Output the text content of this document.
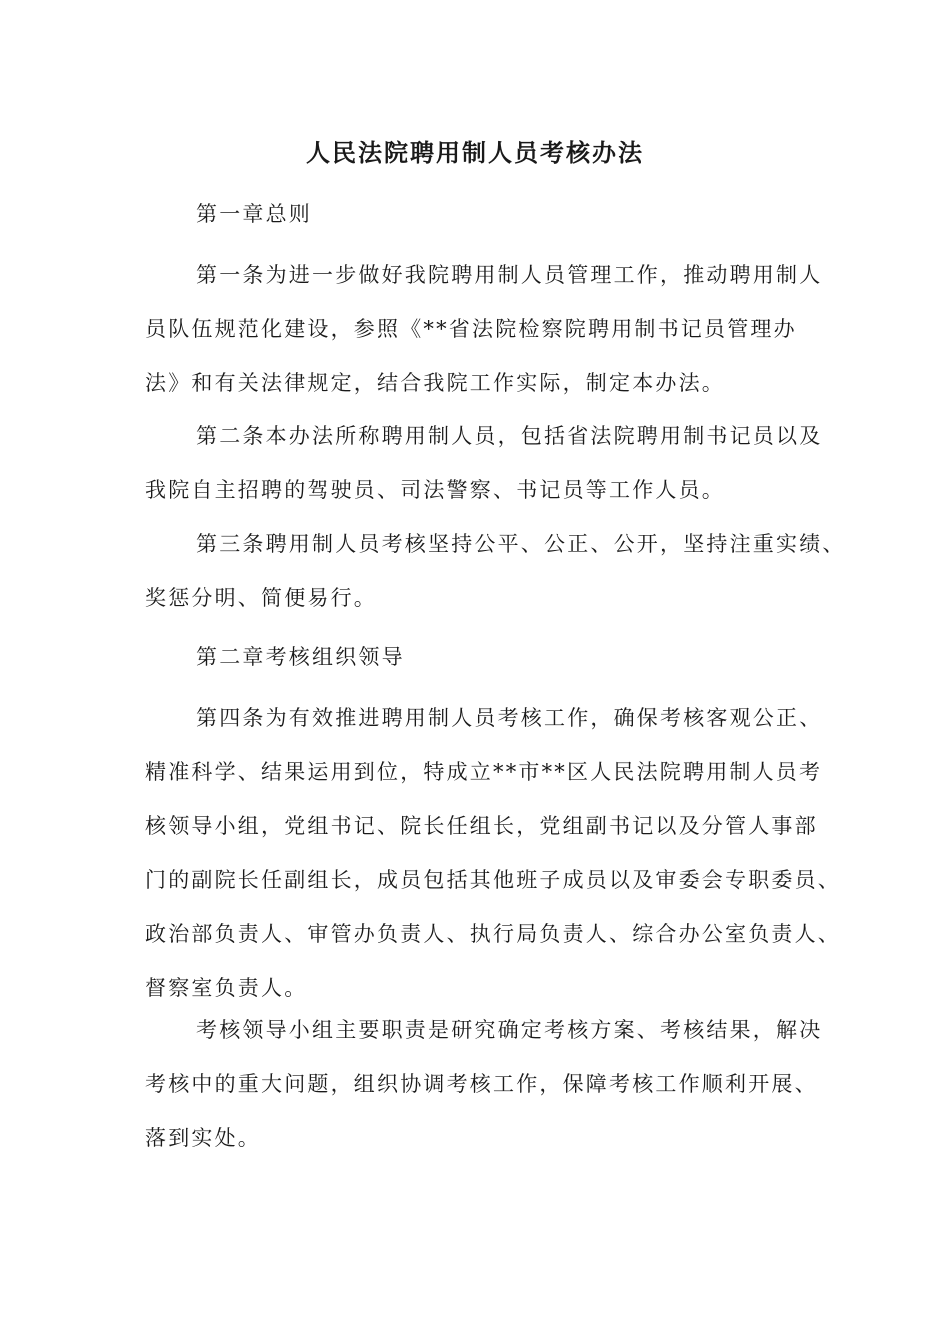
人民法院聘用制人员考核办法
第一章总则
第一条为进一步做好我院聘用制人员管理工作，推动聘用制人
员队伍规范化建设，参照《**省法院检察院聘用制书记员管理办
法》和有关法律规定，结合我院工作实际，制定本办法。
第二条本办法所称聘用制人员，包括省法院聘用制书记员以及
我院自主招聘的驾驶员、司法警察、书记员等工作人员。
第三条聘用制人员考核坚持公平、公正、公开，坚持注重实绩、
奖惩分明、简便易行。
第二章考核组织领导
第四条为有效推进聘用制人员考核工作，确保考核客观公正、
精准科学、结果运用到位，特成立**市**区人民法院聘用制人员考
核领导小组，党组书记、院长任组长，党组副书记以及分管人事部
门的副院长任副组长，成员包括其他班子成员以及审委会专职委员、
政治部负责人、审管办负责人、执行局负责人、综合办公室负责人、
督察室负责人。
考核领导小组主要职责是研究确定考核方案、考核结果，解决
考核中的重大问题，组织协调考核工作，保障考核工作顺利开展、
落到实处。
